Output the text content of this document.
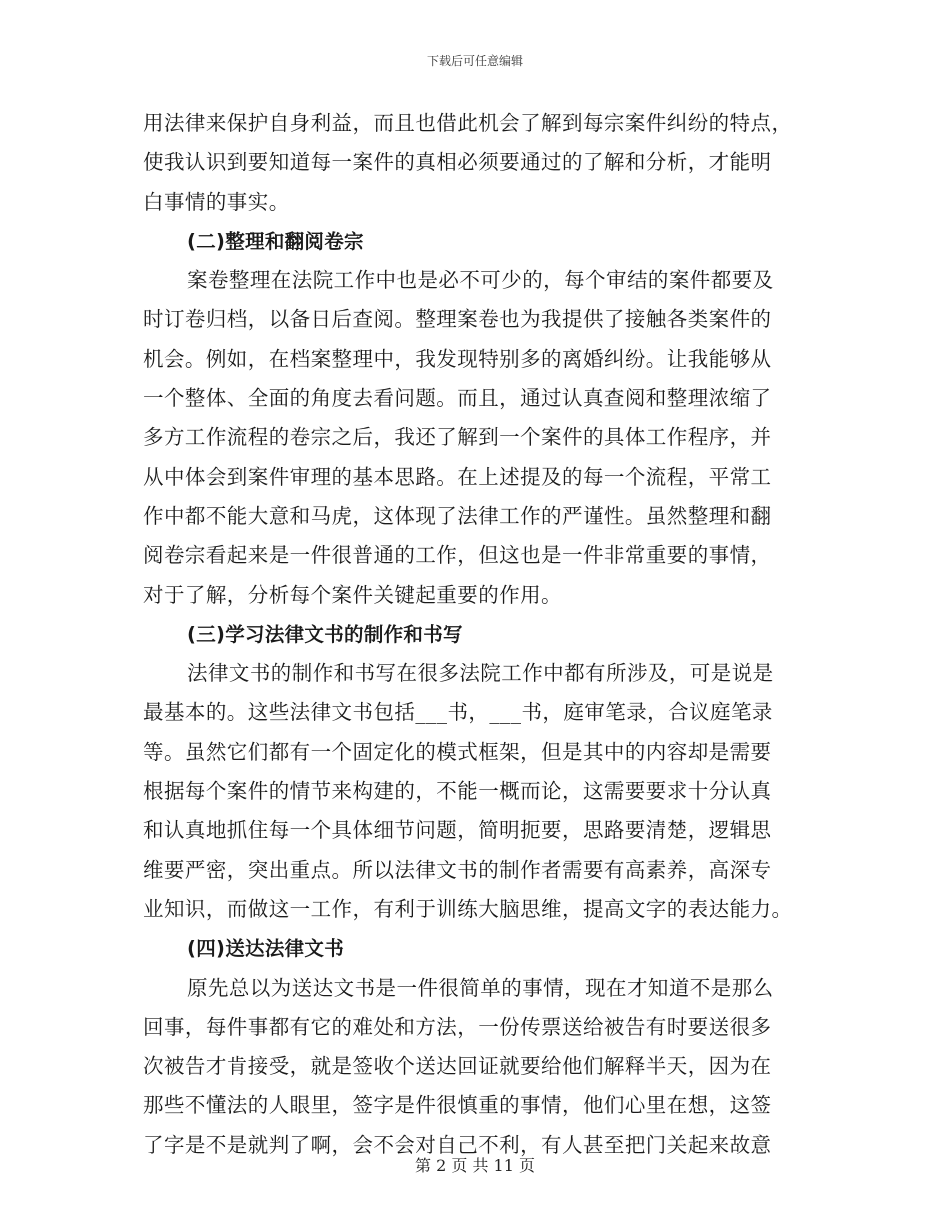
下载后可任意编辑
用法律来保护自身利益，而且也借此机会了解到每宗案件纠纷的特点，
使我认识到要知道每一案件的真相必须要通过的了解和分析，才能明
白事情的事实。
(二)整理和翻阅卷宗
案卷整理在法院工作中也是必不可少的，每个审结的案件都要及
时订卷归档，以备日后查阅。整理案卷也为我提供了接触各类案件的
机会。例如，在档案整理中，我发现特别多的离婚纠纷。让我能够从
一个整体、全面的角度去看问题。而且，通过认真查阅和整理浓缩了
多方工作流程的卷宗之后，我还了解到一个案件的具体工作程序，并
从中体会到案件审理的基本思路。在上述提及的每一个流程，平常工
作中都不能大意和马虎，这体现了法律工作的严谨性。虽然整理和翻
阅卷宗看起来是一件很普通的工作，但这也是一件非常重要的事情，
对于了解，分析每个案件关键起重要的作用。
(三)学习法律文书的制作和书写
法律文书的制作和书写在很多法院工作中都有所涉及，可是说是
最基本的。这些法律文书包括___书，___书，庭审笔录，合议庭笔录
等。虽然它们都有一个固定化的模式框架，但是其中的内容却是需要
根据每个案件的情节来构建的，不能一概而论，这需要要求十分认真
和认真地抓住每一个具体细节问题，简明扼要，思路要清楚，逻辑思
维要严密，突出重点。所以法律文书的制作者需要有高素养，高深专
业知识，而做这一工作，有利于训练大脑思维，提高文字的表达能力。
(四)送达法律文书
原先总以为送达文书是一件很简单的事情，现在才知道不是那么
回事，每件事都有它的难处和方法，一份传票送给被告有时要送很多
次被告才肯接受，就是签收个送达回证就要给他们解释半天，因为在
那些不懂法的人眼里，签字是件很慎重的事情，他们心里在想，这签
了字是不是就判了啊，会不会对自己不利，有人甚至把门关起来故意
第 2 页 共 11 页
